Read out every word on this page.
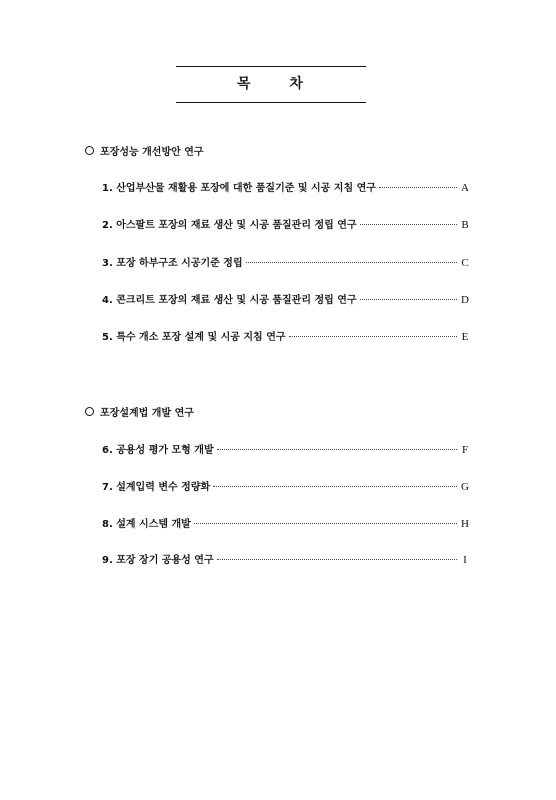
목 차
포장성능 개선방안 연구
1. 산업부산물 재활용 포장에 대한 품질기준 및 시공 지침 연구	A
2. 아스팔트 포장의 재료 생산 및 시공 품질관리 정립 연구	B
3. 포장 하부구조 시공기준 정립	C
4. 콘크리트 포장의 재료 생산 및 시공 품질관리 정립 연구	D
5. 특수 개소 포장 설계 및 시공 지침 연구	E
포장설계법 개발 연구
6. 공용성 평가 모형 개발	F
7. 설계입력 변수 정량화	G
8. 설계 시스템 개발	H
9. 포장 장기 공용성 연구	I
